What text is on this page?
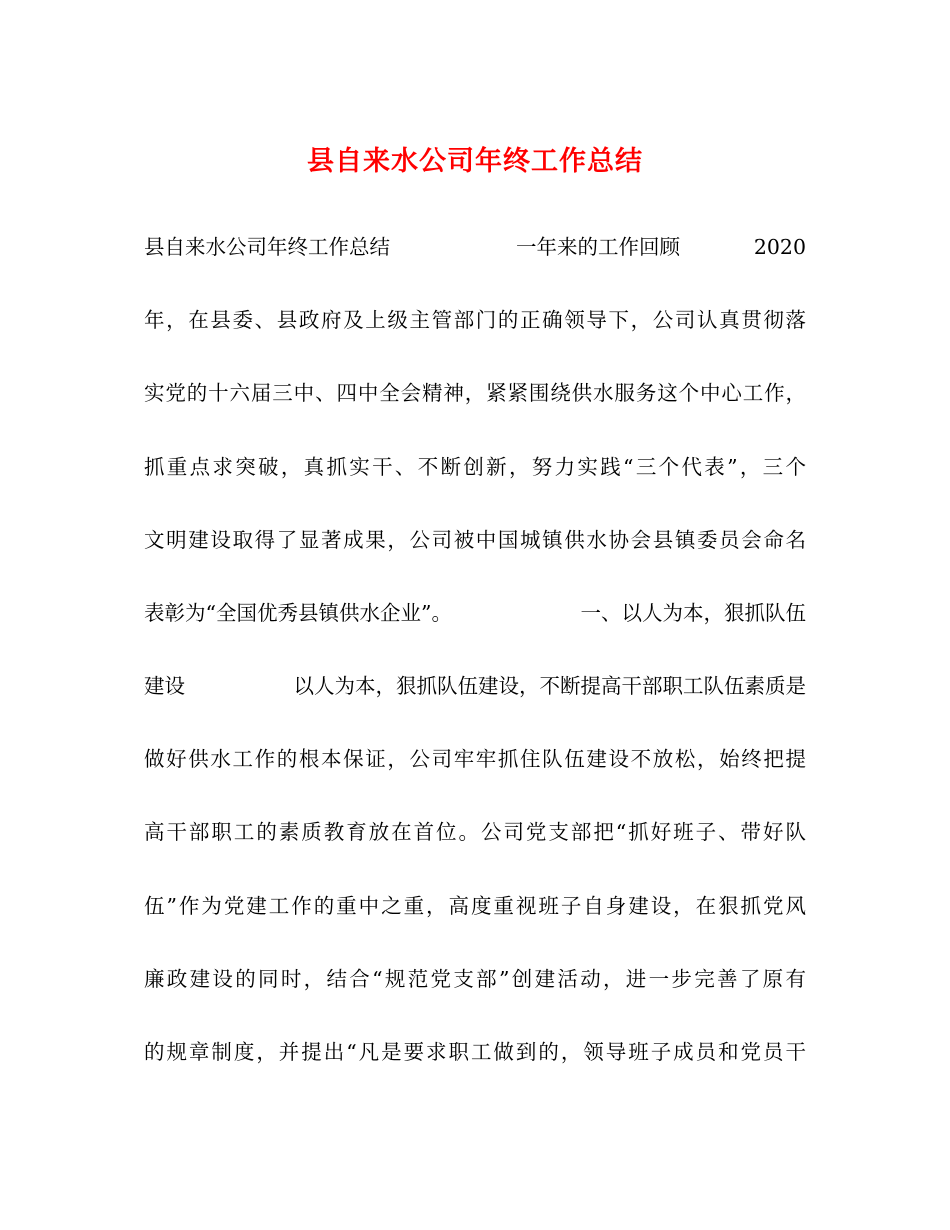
县自来水公司年终工作总结
县自来水公司年终工作总结	一年来的工作回顾	2020
年，在县委、县政府及上级主管部门的正确领导下，公司认真贯彻落
实党的十六届三中、四中全会精神，紧紧围绕供水服务这个中心工作，
抓重点求突破，真抓实干、不断创新，努力实践“三个代表”，三个
文明建设取得了显著成果，公司被中国城镇供水协会县镇委员会命名
表彰为“全国优秀县镇供水企业”。	一、以人为本，狠抓队伍
建设	以人为本，狠抓队伍建设，不断提高干部职工队伍素质是
做好供水工作的根本保证，公司牢牢抓住队伍建设不放松，始终把提
高干部职工的素质教育放在首位。公司党支部把“抓好班子、带好队
伍”作为党建工作的重中之重，高度重视班子自身建设，在狠抓党风
廉政建设的同时，结合“规范党支部”创建活动，进一步完善了原有
的规章制度，并提出“凡是要求职工做到的，领导班子成员和党员干
